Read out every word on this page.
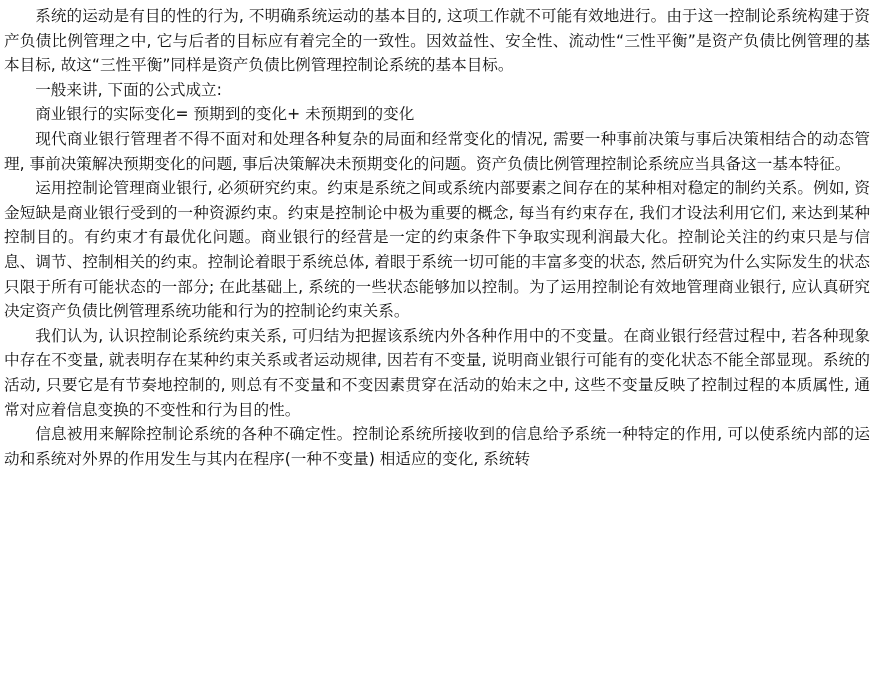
系统的运动是有目的性的行为, 不明确系统运动的基本目的, 这项工作就不可能有效地进行。由于这一控制论系统构建于资产负债比例管理之中, 它与后者的目标应有着完全的一致性。因效益性、安全性、流动性“三性平衡”是资产负债比例管理的基本目标, 故这“三性平衡”同样是资产负债比例管理控制论系统的基本目标。

一般来讲, 下面的公式成立:

商业银行的实际变化= 预期到的变化+ 未预期到的变化

现代商业银行管理者不得不面对和处理各种复杂的局面和经常变化的情况, 需要一种事前决策与事后决策相结合的动态管理, 事前决策解决预期变化的问题, 事后决策解决未预期变化的问题。资产负债比例管理控制论系统应当具备这一基本特征。

运用控制论管理商业银行, 必须研究约束。约束是系统之间或系统内部要素之间存在的某种相对稳定的制约关系。例如, 资金短缺是商业银行受到的一种资源约束。约束是控制论中极为重要的概念, 每当有约束存在, 我们才设法利用它们, 来达到某种控制目的。有约束才有最优化问题。商业银行的经营是一定的约束条件下争取实现利润最大化。控制论关注的约束只是与信息、调节、控制相关的约束。控制论着眼于系统总体, 着眼于系统一切可能的丰富多变的状态, 然后研究为什么实际发生的状态只限于所有可能状态的一部分; 在此基础上, 系统的一些状态能够加以控制。为了运用控制论有效地管理商业银行, 应认真研究决定资产负债比例管理系统功能和行为的控制论约束关系。

我们认为, 认识控制论系统约束关系, 可归结为把握该系统内外各种作用中的不变量。在商业银行经营过程中, 若各种现象中存在不变量, 就表明存在某种约束关系或者运动规律, 因若有不变量, 说明商业银行可能有的变化状态不能全部显现。系统的活动, 只要它是有节奏地控制的, 则总有不变量和不变因素贯穿在活动的始末之中, 这些不变量反映了控制过程的本质属性, 通常对应着信息变换的不变性和行为目的性。

信息被用来解除控制论系统的各种不确定性。控制论系统所接收到的信息给予系统一种特定的作用, 可以使系统内部的运动和系统对外界的作用发生与其内在程序(一种不变量) 相适应的变化, 系统转
